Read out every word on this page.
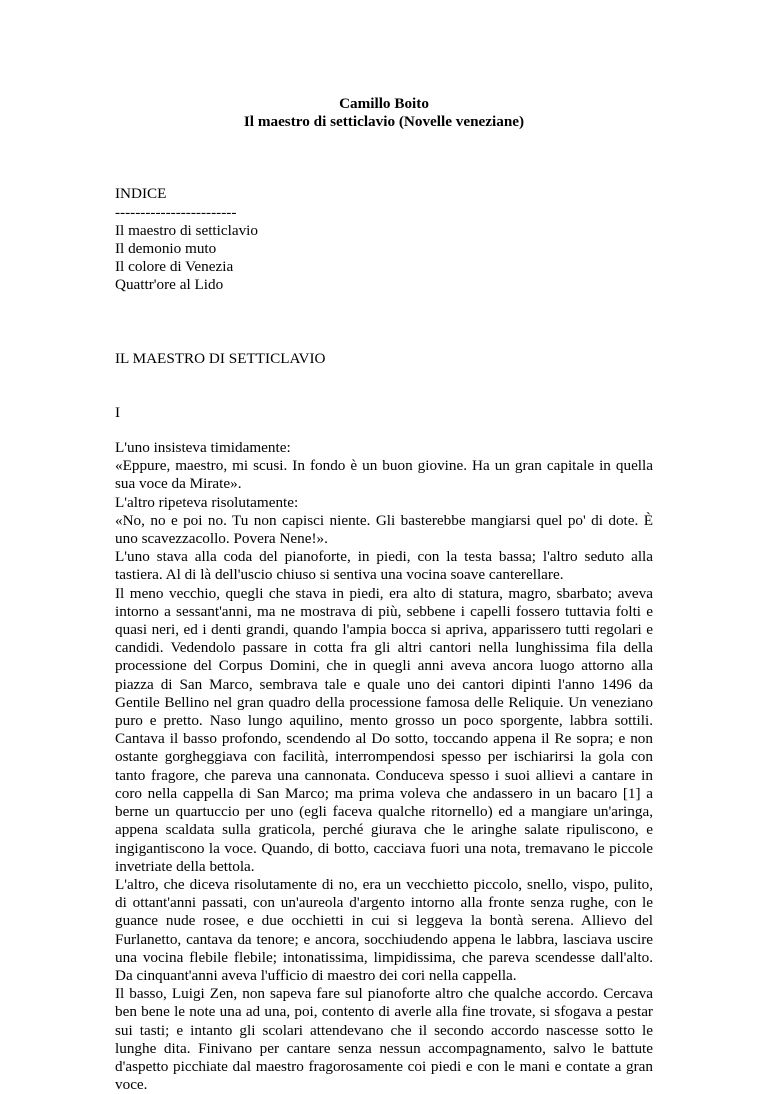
Camillo Boito
Il maestro di setticlavio (Novelle veneziane)
INDICE
------------------------
Il maestro di setticlavio
Il demonio muto
Il colore di Venezia
Quattr'ore al Lido
IL MAESTRO DI SETTICLAVIO
I

L'uno insisteva timidamente:

«Eppure, maestro, mi scusi. In fondo è un buon giovine. Ha un gran capitale in quella sua voce da Mirate».

L'altro ripeteva risolutamente:

«No, no e poi no. Tu non capisci niente. Gli basterebbe mangiarsi quel po' di dote. È uno scavezzacollo. Povera Nene!».

L'uno stava alla coda del pianoforte, in piedi, con la testa bassa; l'altro seduto alla tastiera. Al di là dell'uscio chiuso si sentiva una vocina soave canterellare.

Il meno vecchio, quegli che stava in piedi, era alto di statura, magro, sbarbato; aveva intorno a sessant'anni, ma ne mostrava di più, sebbene i capelli fossero tuttavia folti e quasi neri, ed i denti grandi, quando l'ampia bocca si apriva, apparissero tutti regolari e candidi. Vedendolo passare in cotta fra gli altri cantori nella lunghissima fila della processione del Corpus Domini, che in quegli anni aveva ancora luogo attorno alla piazza di San Marco, sembrava tale e quale uno dei cantori dipinti l'anno 1496 da Gentile Bellino nel gran quadro della processione famosa delle Reliquie. Un veneziano puro e pretto. Naso lungo aquilino, mento grosso un poco sporgente, labbra sottili. Cantava il basso profondo, scendendo al Do sotto, toccando appena il Re sopra; e non ostante gorgheggiava con facilità, interrompendosi spesso per ischiarirsi la gola con tanto fragore, che pareva una cannonata. Conduceva spesso i suoi allievi a cantare in coro nella cappella di San Marco; ma prima voleva che andassero in un bacaro [1] a berne un quartuccio per uno (egli faceva qualche ritornello) ed a mangiare un'aringa, appena scaldata sulla graticola, perché giurava che le aringhe salate ripuliscono, e ingigantiscono la voce. Quando, di botto, cacciava fuori una nota, tremavano le piccole invetriate della bettola.

L'altro, che diceva risolutamente di no, era un vecchietto piccolo, snello, vispo, pulito, di ottant'anni passati, con un'aureola d'argento intorno alla fronte senza rughe, con le guance nude rosee, e due occhietti in cui si leggeva la bontà serena. Allievo del Furlanetto, cantava da tenore; e ancora, socchiudendo appena le labbra, lasciava uscire una vocina flebile flebile; intonatissima, limpidissima, che pareva scendesse dall'alto. Da cinquant'anni aveva l'ufficio di maestro dei cori nella cappella.

Il basso, Luigi Zen, non sapeva fare sul pianoforte altro che qualche accordo. Cercava ben bene le note una ad una, poi, contento di averle alla fine trovate, si sfogava a pestar sui tasti; e intanto gli scolari attendevano che il secondo accordo nascesse sotto le lunghe dita. Finivano per cantare senza nessun accompagnamento, salvo le battute d'aspetto picchiate dal maestro fragorosamente coi piedi e con le mani e contate a gran voce.
